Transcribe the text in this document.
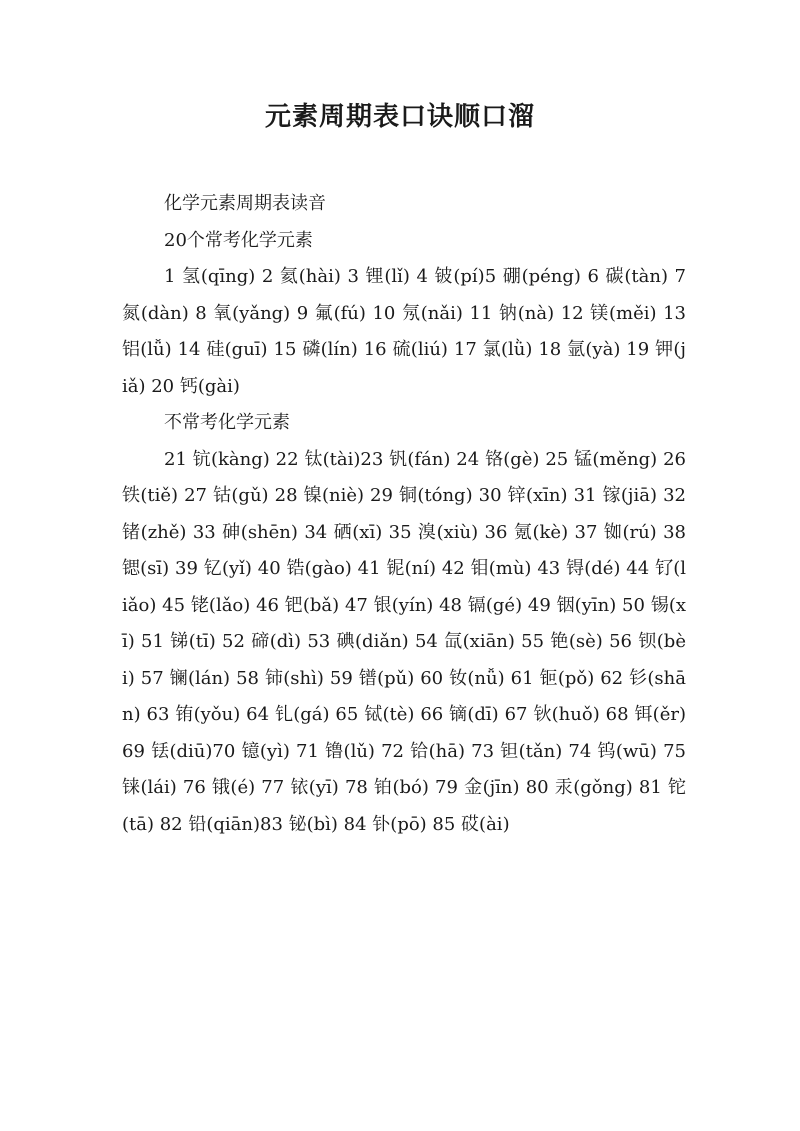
元素周期表口诀顺口溜

化学元素周期表读音

20个常考化学元素

1 氢(qīng) 2 氦(hài) 3 锂(lǐ) 4 铍(pí)5 硼(péng) 6 碳(tàn) 7 氮(dàn) 8 氧(yǎng) 9 氟(fú) 10 氖(nǎi) 11 钠(nà) 12 镁(měi) 13 铝(lǚ) 14 硅(guī) 15 磷(lín) 16 硫(liú) 17 氯(lǜ) 18 氩(yà) 19 钾(jiǎ) 20 钙(gài)

不常考化学元素

21 钪(kàng) 22 钛(tài)23 钒(fán) 24 铬(gè) 25 锰(měng) 26 铁(tiě) 27 钴(gǔ) 28 镍(niè) 29 铜(tóng) 30 锌(xīn) 31 镓(jiā) 32 锗(zhě) 33 砷(shēn) 34 硒(xī) 35 溴(xiù) 36 氪(kè) 37 铷(rú) 38 锶(sī) 39 钇(yǐ) 40 锆(gào) 41 铌(ní) 42 钼(mù) 43 锝(dé) 44 钌(liǎo) 45 铑(lǎo) 46 钯(bǎ) 47 银(yín) 48 镉(gé) 49 铟(yīn) 50 锡(xī) 51 锑(tī) 52 碲(dì) 53 碘(diǎn) 54 氙(xiān) 55 铯(sè) 56 钡(bèi) 57 镧(lán) 58 铈(shì) 59 镨(pǔ) 60 钕(nǚ) 61 钷(pǒ) 62 钐(shān) 63 铕(yǒu) 64 钆(gá) 65 铽(tè) 66 镝(dī) 67 钬(huǒ) 68 铒(ěr) 69 铥(diū)70 镱(yì) 71 镥(lǔ) 72 铪(hā) 73 钽(tǎn) 74 钨(wū) 75 铼(lái) 76 锇(é) 77 铱(yī) 78 铂(bó) 79 金(jīn) 80 汞(gǒng) 81 铊(tā) 82 铅(qiān)83 铋(bì) 84 钋(pō) 85 砹(ài)
